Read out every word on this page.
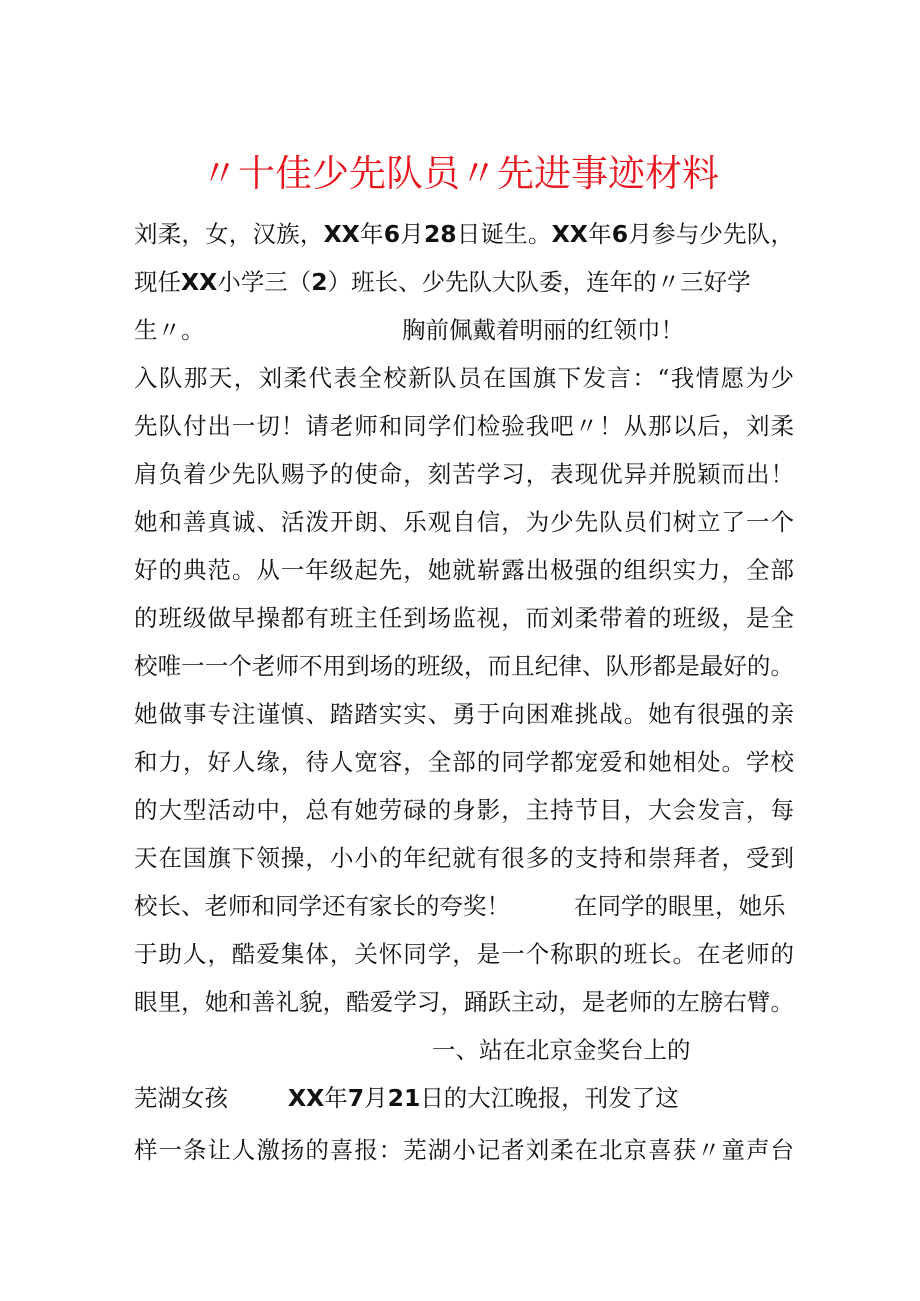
〃十佳少先队员〃先进事迹材料
刘柔，女，汉族，XX年6月28日诞生。XX年6月参与少先队，
现任XX小学三（2）班长、少先队大队委，连年的〃三好学
生〃。	胸前佩戴着明丽的红领巾！
入队那天，刘柔代表全校新队员在国旗下发言：“我情愿为少
先队付出一切！请老师和同学们检验我吧〃！从那以后，刘柔
肩负着少先队赐予的使命，刻苦学习，表现优异并脱颖而出！
她和善真诚、活泼开朗、乐观自信，为少先队员们树立了一个
好的典范。从一年级起先，她就崭露出极强的组织实力，全部
的班级做早操都有班主任到场监视，而刘柔带着的班级，是全
校唯一一个老师不用到场的班级，而且纪律、队形都是最好的。
她做事专注谨慎、踏踏实实、勇于向困难挑战。她有很强的亲
和力，好人缘，待人宽容，全部的同学都宠爱和她相处。学校
的大型活动中，总有她劳碌的身影，主持节目，大会发言，每
天在国旗下领操，小小的年纪就有很多的支持和崇拜者，受到
校长、老师和同学还有家长的夸奖！	在同学的眼里，她乐
于助人，酷爱集体，关怀同学，是一个称职的班长。在老师的
眼里，她和善礼貌，酷爱学习，踊跃主动，是老师的左膀右臂。
一、站在北京金奖台上的
芜湖女孩	XX年7月21日的大江晚报，刊发了这
样一条让人激扬的喜报：芜湖小记者刘柔在北京喜获〃童声台
